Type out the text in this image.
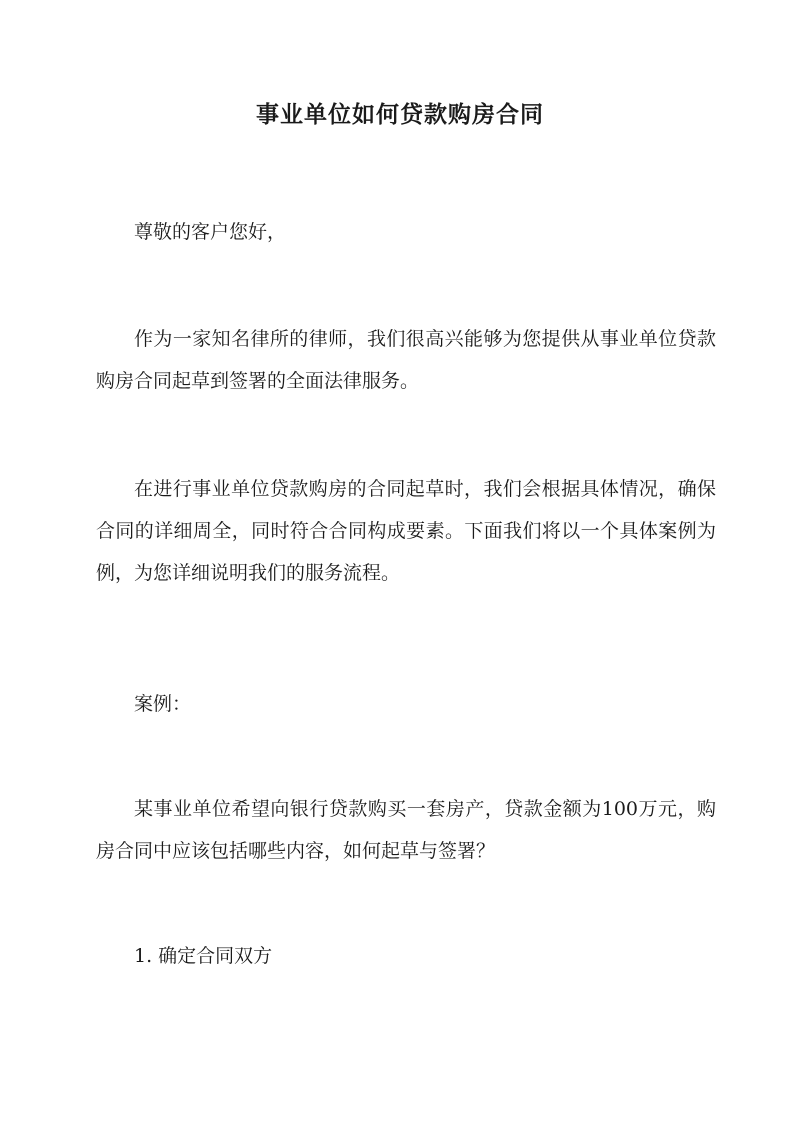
事业单位如何贷款购房合同

尊敬的客户您好，

作为一家知名律所的律师，我们很高兴能够为您提供从事业单位贷款购房合同起草到签署的全面法律服务。

在进行事业单位贷款购房的合同起草时，我们会根据具体情况，确保合同的详细周全，同时符合合同构成要素。下面我们将以一个具体案例为例，为您详细说明我们的服务流程。

案例：

某事业单位希望向银行贷款购买一套房产，贷款金额为100万元，购房合同中应该包括哪些内容，如何起草与签署？

1. 确定合同双方
